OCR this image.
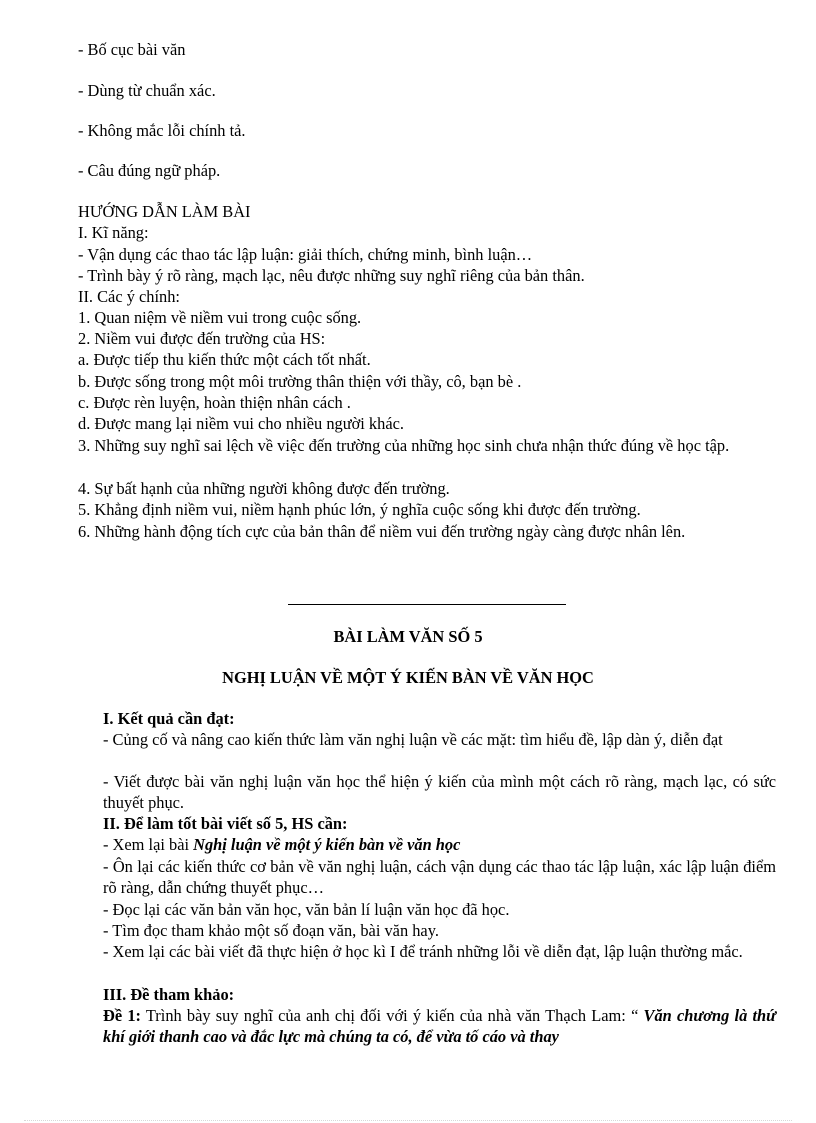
- Bố cục bài văn
- Dùng từ chuẩn xác.
- Không mắc lỗi chính tả.
- Câu đúng ngữ pháp.
HƯỚNG DẪN LÀM BÀI
I. Kĩ năng:
- Vận dụng các thao tác lập luận: giải thích, chứng minh, bình luận…
- Trình bày ý rõ ràng, mạch lạc, nêu được những suy nghĩ riêng của bản thân.
II. Các ý chính:
1. Quan niệm về niềm vui trong cuộc sống.
2. Niềm vui được đến trường của HS:
a. Được tiếp thu kiến thức một cách tốt nhất.
b. Được sống trong một môi trường thân thiện với thầy, cô, bạn bè .
c. Được rèn luyện, hoàn thiện nhân cách .
d. Được mang lại niềm vui cho nhiều người khác.
3. Những suy nghĩ sai lệch về việc đến trường của những học sinh chưa nhận thức đúng về học tập.
4. Sự bất hạnh của những người không được đến trường.
5. Khẳng định niềm vui, niềm hạnh phúc lớn, ý nghĩa cuộc sống khi được đến trường.
6. Những hành động tích cực của bản thân để niềm vui đến trường ngày càng được nhân lên.
BÀI LÀM VĂN SỐ 5
NGHỊ LUẬN VỀ MỘT Ý KIẾN BÀN VỀ VĂN HỌC
I. Kết quả cần đạt:
- Củng cố và nâng cao kiến thức làm văn nghị luận về các mặt: tìm hiểu đề, lập dàn ý, diễn đạt
- Viết được bài văn nghị luận văn học thể hiện ý kiến của mình một cách rõ ràng, mạch lạc, có sức thuyết phục.
II. Để làm tốt bài viết số 5, HS cần:
- Xem lại bài Nghị luận về một ý kiến bàn về văn học
- Ôn lại các kiến thức cơ bản về văn nghị luận, cách vận dụng các thao tác lập luận, xác lập luận điểm rõ ràng, dẫn chứng thuyết phục…
- Đọc lại các văn bản văn học, văn bản lí luận văn học đã học.
- Tìm đọc tham khảo một số đoạn văn, bài văn hay.
- Xem lại các bài viết đã thực hiện ở học kì I để tránh những lỗi về diễn đạt, lập luận thường mắc.
III. Đề tham khảo:
Đề 1: Trình bày suy nghĩ của anh chị đối với ý kiến của nhà văn Thạch Lam: “ Văn chương là thứ khí giới thanh cao và đắc lực mà chúng ta có, để vừa tố cáo và thay
